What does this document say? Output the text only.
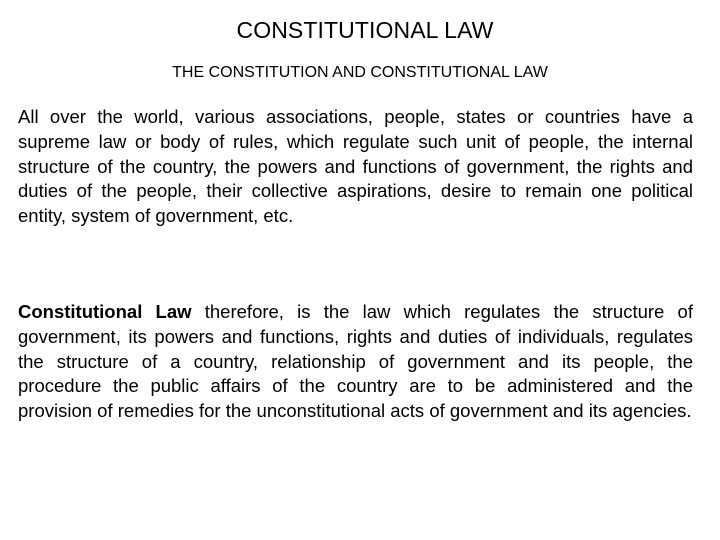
CONSTITUTIONAL LAW
THE CONSTITUTION AND CONSTITUTIONAL LAW

All over the world, various associations, people, states or countries have a supreme law or body of rules, which regulate such unit of people, the internal structure of the country, the powers and functions of government, the rights and duties of the people, their collective aspirations, desire to remain one political entity, system of government, etc.

Constitutional Law therefore, is the law which regulates the structure of government, its powers and functions, rights and duties of individuals, regulates the structure of a country, relationship of government and its people, the procedure the public affairs of the country are to be administered and the provision of remedies for the unconstitutional acts of government and its agencies.
